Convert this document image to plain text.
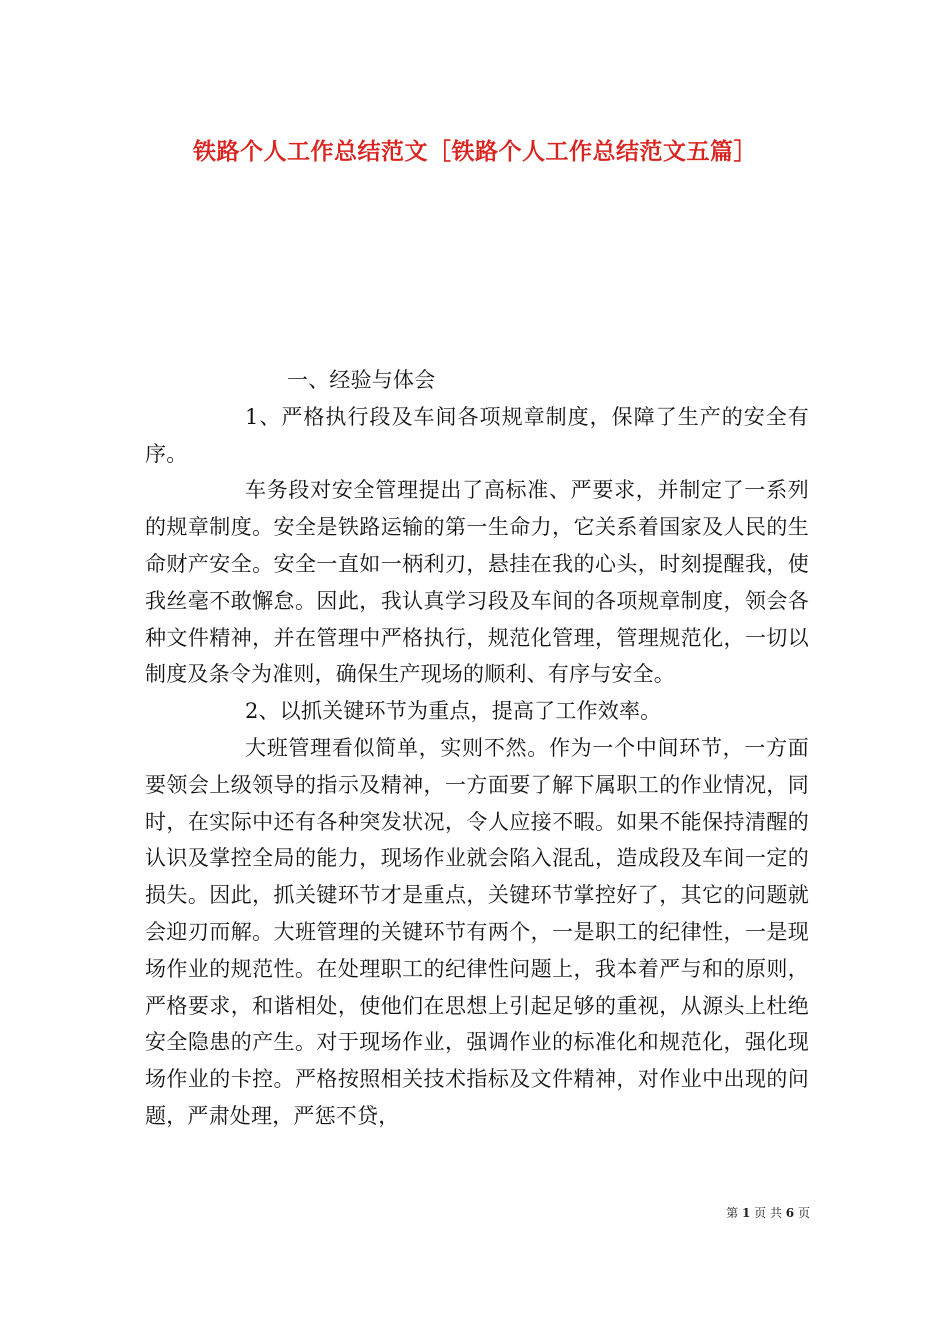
铁路个人工作总结范文［铁路个人工作总结范文五篇］

一、经验与体会

1、严格执行段及车间各项规章制度，保障了生产的安全有序。

车务段对安全管理提出了高标准、严要求，并制定了一系列的规章制度。安全是铁路运输的第一生命力，它关系着国家及人民的生命财产安全。安全一直如一柄利刃，悬挂在我的心头，时刻提醒我，使我丝毫不敢懈怠。因此，我认真学习段及车间的各项规章制度，领会各种文件精神，并在管理中严格执行，规范化管理，管理规范化，一切以制度及条令为准则，确保生产现场的顺利、有序与安全。

2、以抓关键环节为重点，提高了工作效率。

大班管理看似简单，实则不然。作为一个中间环节，一方面要领会上级领导的指示及精神，一方面要了解下属职工的作业情况，同时，在实际中还有各种突发状况，令人应接不暇。如果不能保持清醒的认识及掌控全局的能力，现场作业就会陷入混乱，造成段及车间一定的损失。因此，抓关键环节才是重点，关键环节掌控好了，其它的问题就会迎刃而解。大班管理的关键环节有两个，一是职工的纪律性，一是现场作业的规范性。在处理职工的纪律性问题上，我本着严与和的原则，严格要求，和谐相处，使他们在思想上引起足够的重视，从源头上杜绝安全隐患的产生。对于现场作业，强调作业的标准化和规范化，强化现场作业的卡控。严格按照相关技术指标及文件精神，对作业中出现的问题，严肃处理，严惩不贷，

第 1 页 共 6 页
